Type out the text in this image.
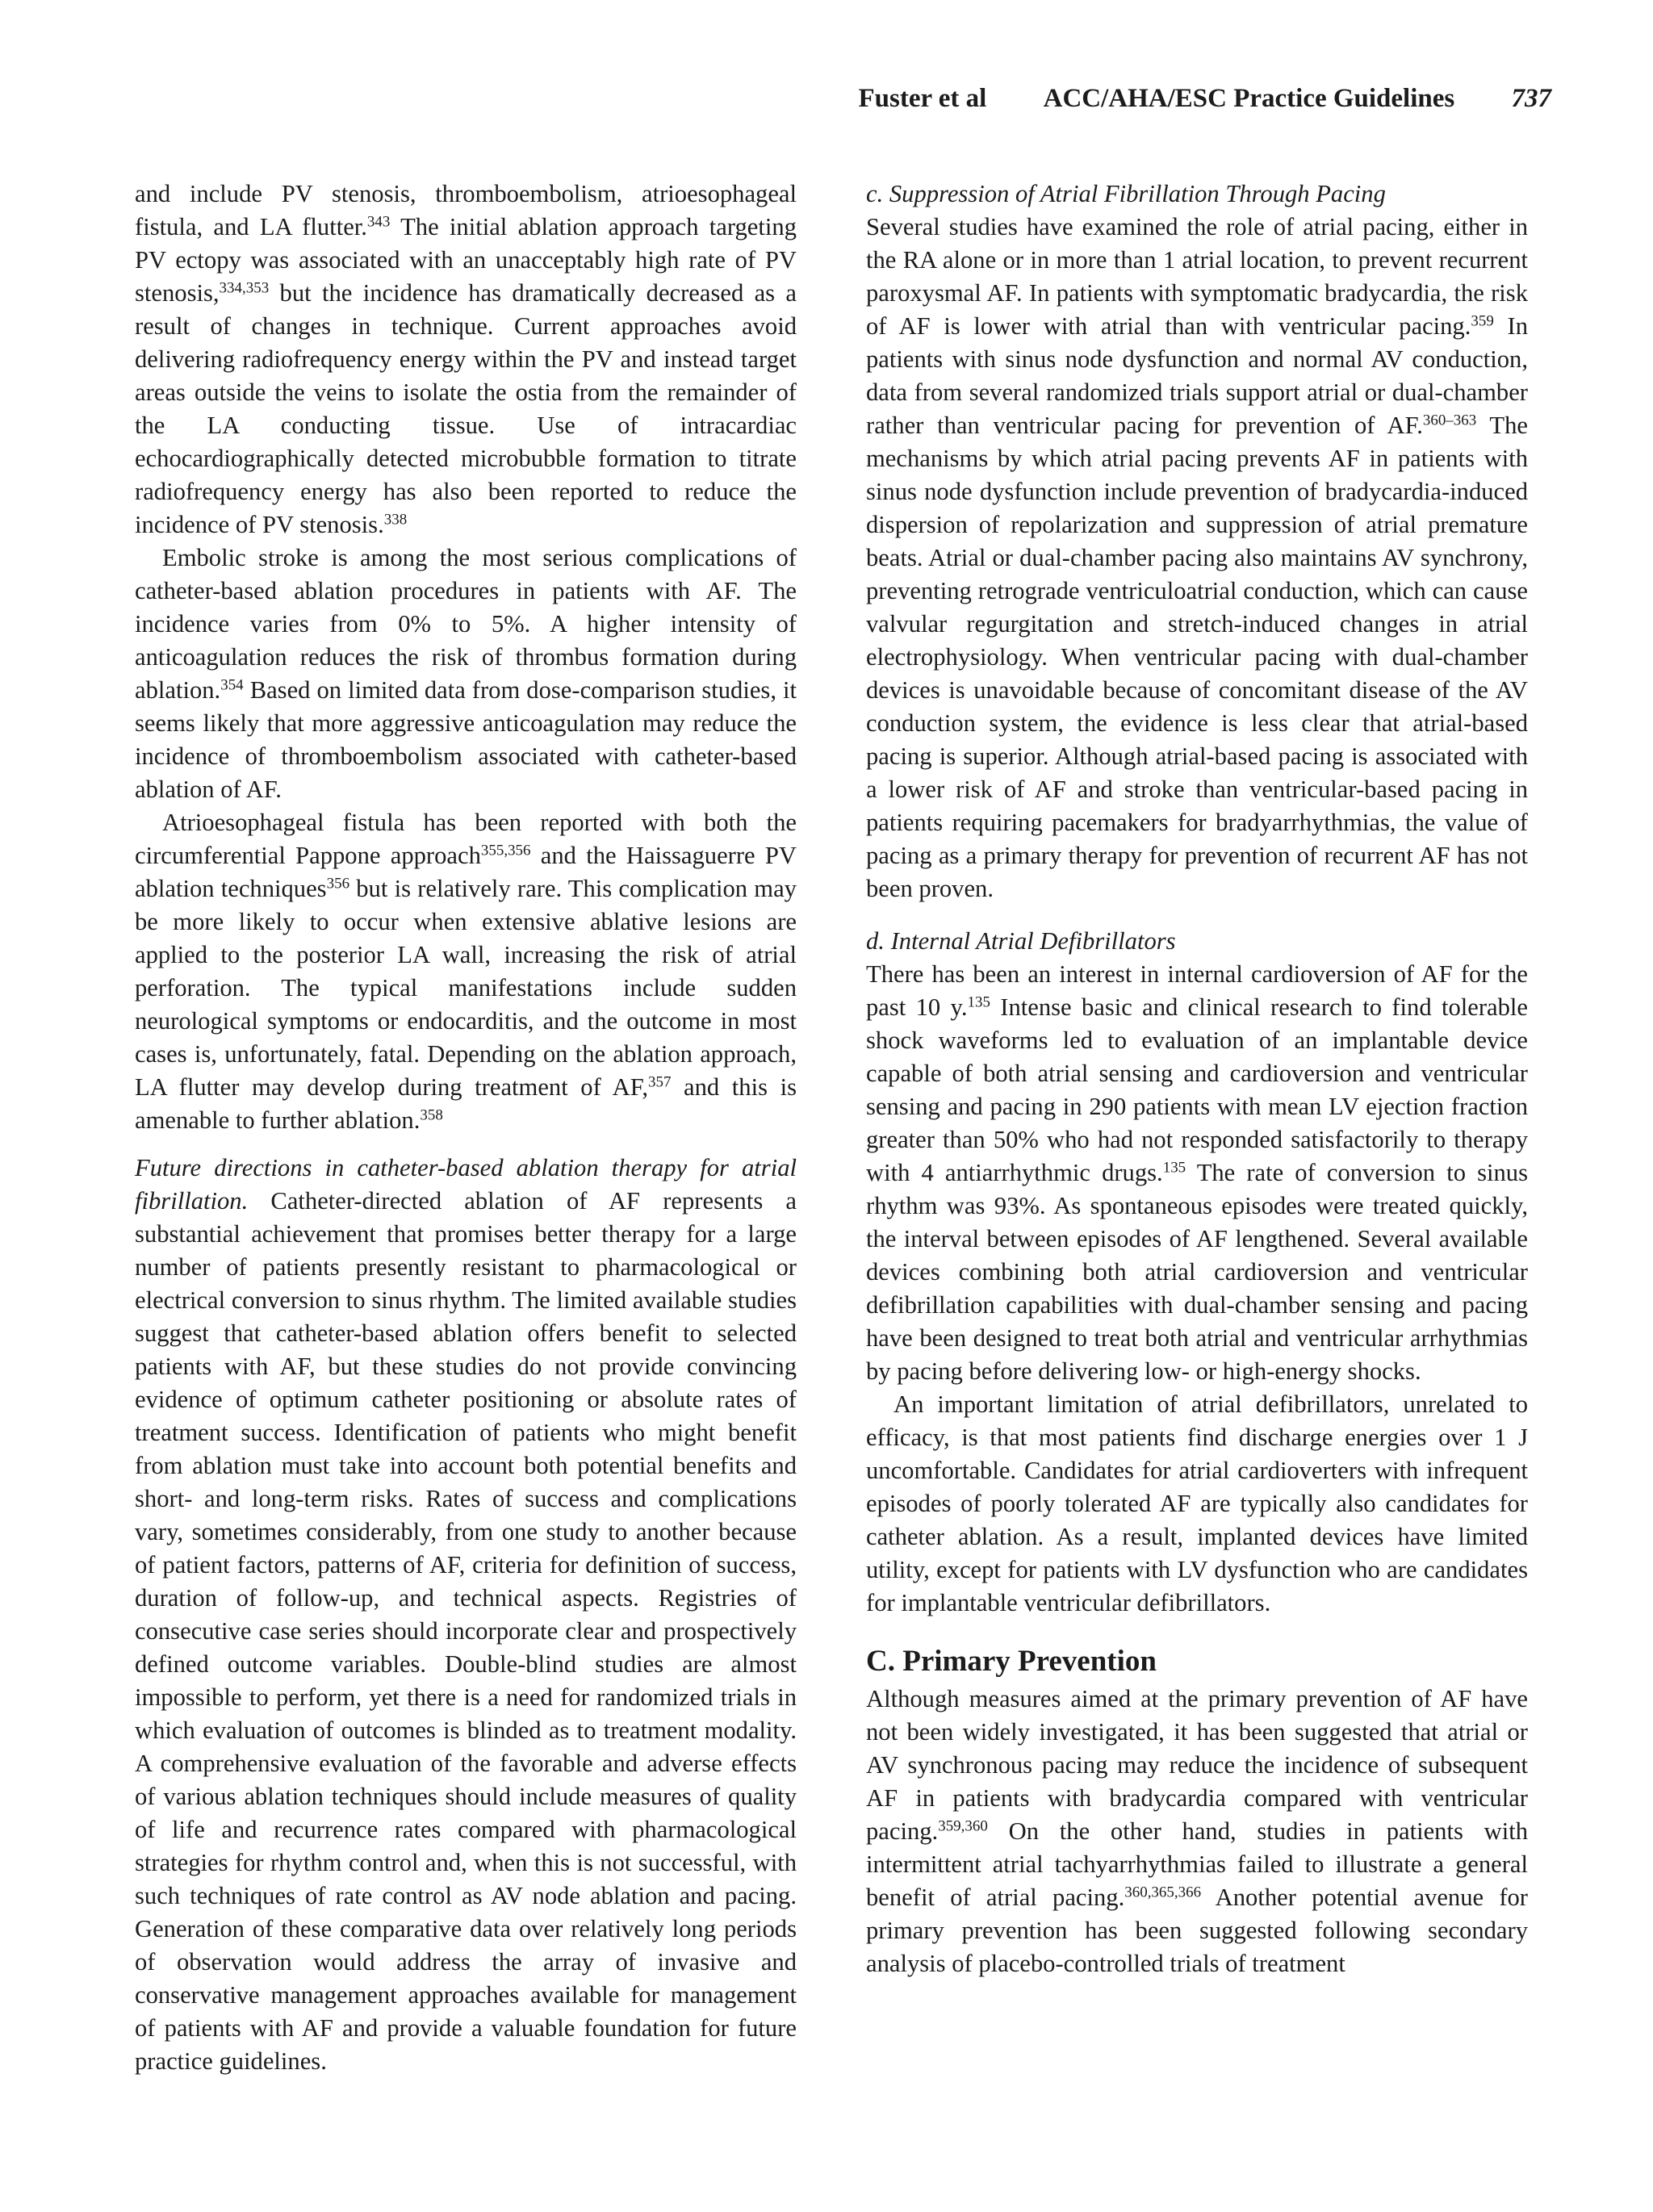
Fuster et al ACC/AHA/ESC Practice Guidelines 737

and include PV stenosis, thromboembolism, atrioesophageal fistula, and LA flutter.$^{343}$ The initial ablation approach targeting PV ectopy was associated with an unacceptably high rate of PV stenosis,$^{334,353}$ but the incidence has dramatically decreased as a result of changes in technique. Current approaches avoid delivering radiofrequency energy within the PV and instead target areas outside the veins to isolate the ostia from the remainder of the LA conducting tissue. Use of intracardiac echocardiographically detected microbubble formation to titrate radiofrequency energy has also been reported to reduce the incidence of PV stenosis.$^{338}$

Embolic stroke is among the most serious complications of catheter-based ablation procedures in patients with AF. The incidence varies from 0% to 5%. A higher intensity of anticoagulation reduces the risk of thrombus formation during ablation.$^{354}$ Based on limited data from dose-comparison studies, it seems likely that more aggressive anticoagulation may reduce the incidence of thromboembolism associated with catheter-based ablation of AF.

Atrioesophageal fistula has been reported with both the circumferential Pappone approach$^{355,356}$ and the Haissaguerre PV ablation techniques$^{356}$ but is relatively rare. This complication may be more likely to occur when extensive ablative lesions are applied to the posterior LA wall, increasing the risk of atrial perforation. The typical manifestations include sudden neurological symptoms or endocarditis, and the outcome in most cases is, unfortunately, fatal. Depending on the ablation approach, LA flutter may develop during treatment of AF,$^{357}$ and this is amenable to further ablation.$^{358}$

Future directions in catheter-based ablation therapy for atrial fibrillation. Catheter-directed ablation of AF represents a substantial achievement that promises better therapy for a large number of patients presently resistant to pharmacological or electrical conversion to sinus rhythm. The limited available studies suggest that catheter-based ablation offers benefit to selected patients with AF, but these studies do not provide convincing evidence of optimum catheter positioning or absolute rates of treatment success. Identification of patients who might benefit from ablation must take into account both potential benefits and short- and long-term risks. Rates of success and complications vary, sometimes considerably, from one study to another because of patient factors, patterns of AF, criteria for definition of success, duration of follow-up, and technical aspects. Registries of consecutive case series should incorporate clear and prospectively defined outcome variables. Double-blind studies are almost impossible to perform, yet there is a need for randomized trials in which evaluation of outcomes is blinded as to treatment modality. A comprehensive evaluation of the favorable and adverse effects of various ablation techniques should include measures of quality of life and recurrence rates compared with pharmacological strategies for rhythm control and, when this is not successful, with such techniques of rate control as AV node ablation and pacing. Generation of these comparative data over relatively long periods of observation would address the array of invasive and conservative management approaches available for management of patients with AF and provide a valuable foundation for future practice guidelines.

c. Suppression of Atrial Fibrillation Through Pacing

Several studies have examined the role of atrial pacing, either in the RA alone or in more than 1 atrial location, to prevent recurrent paroxysmal AF. In patients with symptomatic bradycardia, the risk of AF is lower with atrial than with ventricular pacing.$^{359}$ In patients with sinus node dysfunction and normal AV conduction, data from several randomized trials support atrial or dual-chamber rather than ventricular pacing for prevention of AF.$^{360-363}$ The mechanisms by which atrial pacing prevents AF in patients with sinus node dysfunction include prevention of bradycardia-induced dispersion of repolarization and suppression of atrial premature beats. Atrial or dual-chamber pacing also maintains AV synchrony, preventing retrograde ventriculoatrial conduction, which can cause valvular regurgitation and stretch-induced changes in atrial electrophysiology. When ventricular pacing with dual-chamber devices is unavoidable because of concomitant disease of the AV conduction system, the evidence is less clear that atrial-based pacing is superior. Although atrial-based pacing is associated with a lower risk of AF and stroke than ventricular-based pacing in patients requiring pacemakers for bradyarrhythmias, the value of pacing as a primary therapy for prevention of recurrent AF has not been proven.

d. Internal Atrial Defibrillators

There has been an interest in internal cardioversion of AF for the past 10 y.$^{135}$ Intense basic and clinical research to find tolerable shock waveforms led to evaluation of an implantable device capable of both atrial sensing and cardioversion and ventricular sensing and pacing in 290 patients with mean LV ejection fraction greater than 50% who had not responded satisfactorily to therapy with 4 antiarrhythmic drugs.$^{135}$ The rate of conversion to sinus rhythm was 93%. As spontaneous episodes were treated quickly, the interval between episodes of AF lengthened. Several available devices combining both atrial cardioversion and ventricular defibrillation capabilities with dual-chamber sensing and pacing have been designed to treat both atrial and ventricular arrhythmias by pacing before delivering low- or high-energy shocks.

An important limitation of atrial defibrillators, unrelated to efficacy, is that most patients find discharge energies over 1 J uncomfortable. Candidates for atrial cardioverters with infrequent episodes of poorly tolerated AF are typically also candidates for catheter ablation. As a result, implanted devices have limited utility, except for patients with LV dysfunction who are candidates for implantable ventricular defibrillators.

C. Primary Prevention

Although measures aimed at the primary prevention of AF have not been widely investigated, it has been suggested that atrial or AV synchronous pacing may reduce the incidence of subsequent AF in patients with bradycardia compared with ventricular pacing.$^{359,360}$ On the other hand, studies in patients with intermittent atrial tachyarrhythmias failed to illustrate a general benefit of atrial pacing.$^{360,365,366}$ Another potential avenue for primary prevention has been suggested following secondary analysis of placebo-controlled trials of treatment
